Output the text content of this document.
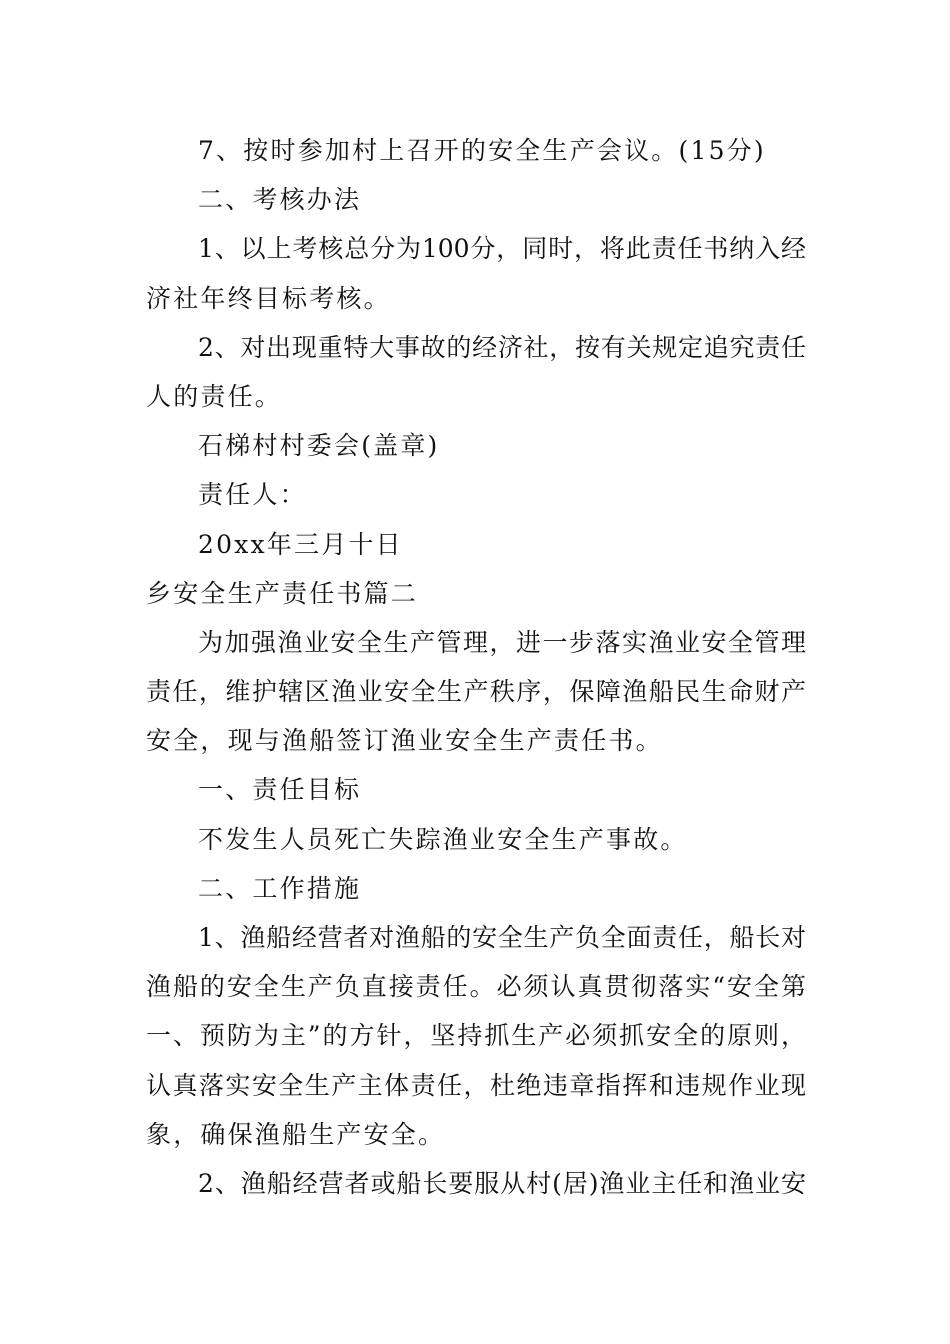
7、按时参加村上召开的安全生产会议。(15分)
二、考核办法
1、以上考核总分为100分，同时，将此责任书纳入经
济社年终目标考核。
2、对出现重特大事故的经济社，按有关规定追究责任
人的责任。
石梯村村委会(盖章)
责任人：
20xx年三月十日
乡安全生产责任书篇二
为加强渔业安全生产管理，进一步落实渔业安全管理
责任，维护辖区渔业安全生产秩序，保障渔船民生命财产
安全，现与渔船签订渔业安全生产责任书。
一、责任目标
不发生人员死亡失踪渔业安全生产事故。
二、工作措施
1、渔船经营者对渔船的安全生产负全面责任，船长对
渔船的安全生产负直接责任。必须认真贯彻落实“安全第
一、预防为主”的方针，坚持抓生产必须抓安全的原则，
认真落实安全生产主体责任，杜绝违章指挥和违规作业现
象，确保渔船生产安全。
2、渔船经营者或船长要服从村(居)渔业主任和渔业安
